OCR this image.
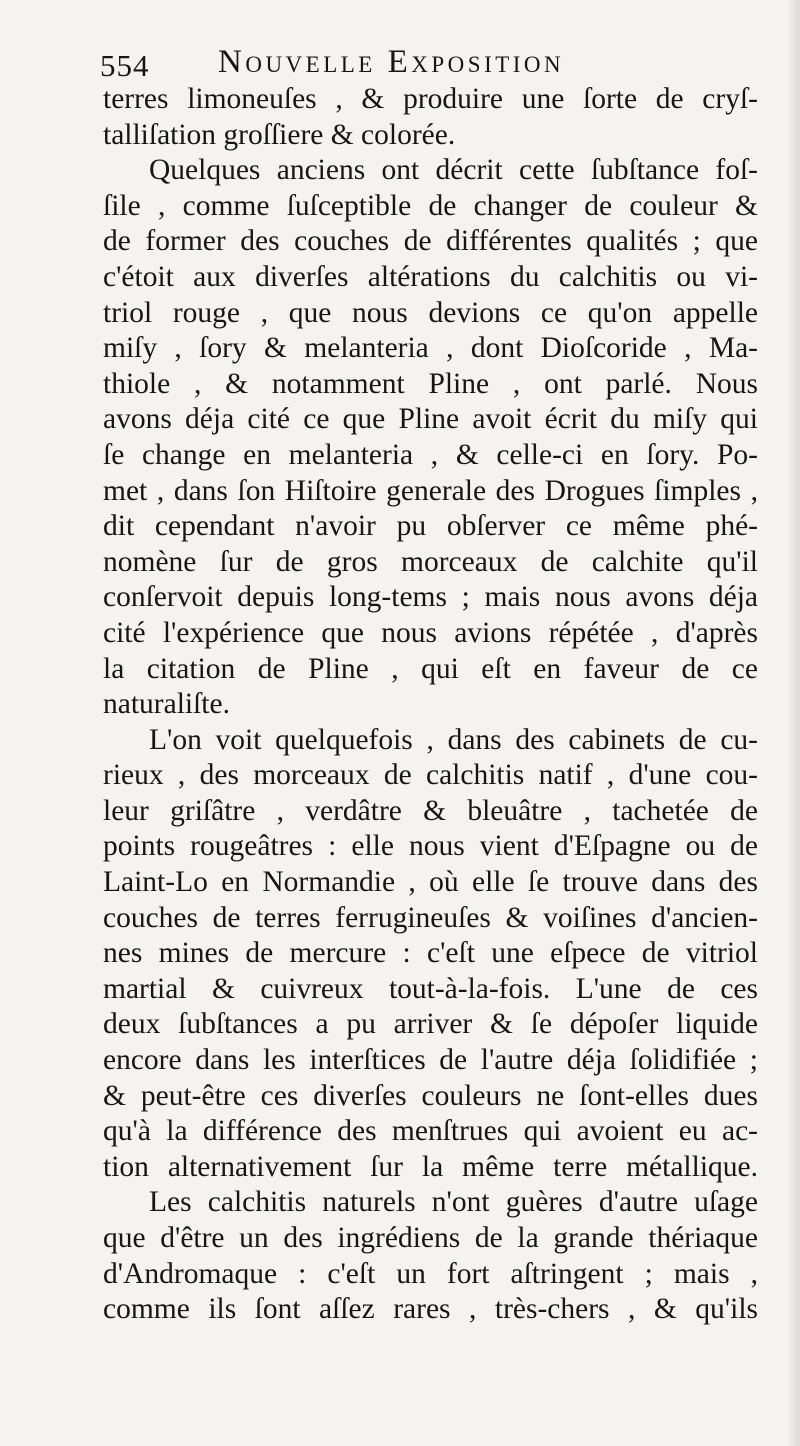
554 Nouvelle Exposition
terres limoneuſes , & produire une ſorte de cryſ-
talliſation groſſiere & colorée.
Quelques anciens ont décrit cette ſubſtance foſ-
ſile , comme ſuſceptible de changer de couleur &
de former des couches de différentes qualités ; que
c'étoit aux diverſes altérations du calchitis ou vi-
triol rouge , que nous devions ce qu'on appelle
miſy , ſory & melanteria , dont Dioſcoride , Ma-
thiole , & notamment Pline , ont parlé. Nous
avons déja cité ce que Pline avoit écrit du miſy qui
ſe change en melanteria , & celle-ci en ſory. Po-
met , dans ſon Hiſtoire generale des Drogues ſimples ,
dit cependant n'avoir pu obſerver ce même phé-
nomène ſur de gros morceaux de calchite qu'il
conſervoit depuis long-tems ; mais nous avons déja
cité l'expérience que nous avions répétée , d'après
la citation de Pline , qui eſt en faveur de ce
naturaliſte.
L'on voit quelquefois , dans des cabinets de cu-
rieux , des morceaux de calchitis natif , d'une cou-
leur griſâtre , verdâtre & bleuâtre , tachetée de
points rougeâtres : elle nous vient d'Eſpagne ou de
Laint-Lo en Normandie , où elle ſe trouve dans des
couches de terres ferrugineuſes & voiſines d'ancien-
nes mines de mercure : c'eſt une eſpece de vitriol
martial & cuivreux tout-à-la-fois. L'une de ces
deux ſubſtances a pu arriver & ſe dépoſer liquide
encore dans les interſtices de l'autre déja ſolidifiée ;
& peut-être ces diverſes couleurs ne ſont-elles dues
qu'à la différence des menſtrues qui avoient eu ac-
tion alternativement ſur la même terre métallique.
Les calchitis naturels n'ont guères d'autre uſage
que d'être un des ingrédiens de la grande thériaque
d'Andromaque : c'eſt un fort aſtringent ; mais ,
comme ils ſont aſſez rares , très-chers , & qu'ils
